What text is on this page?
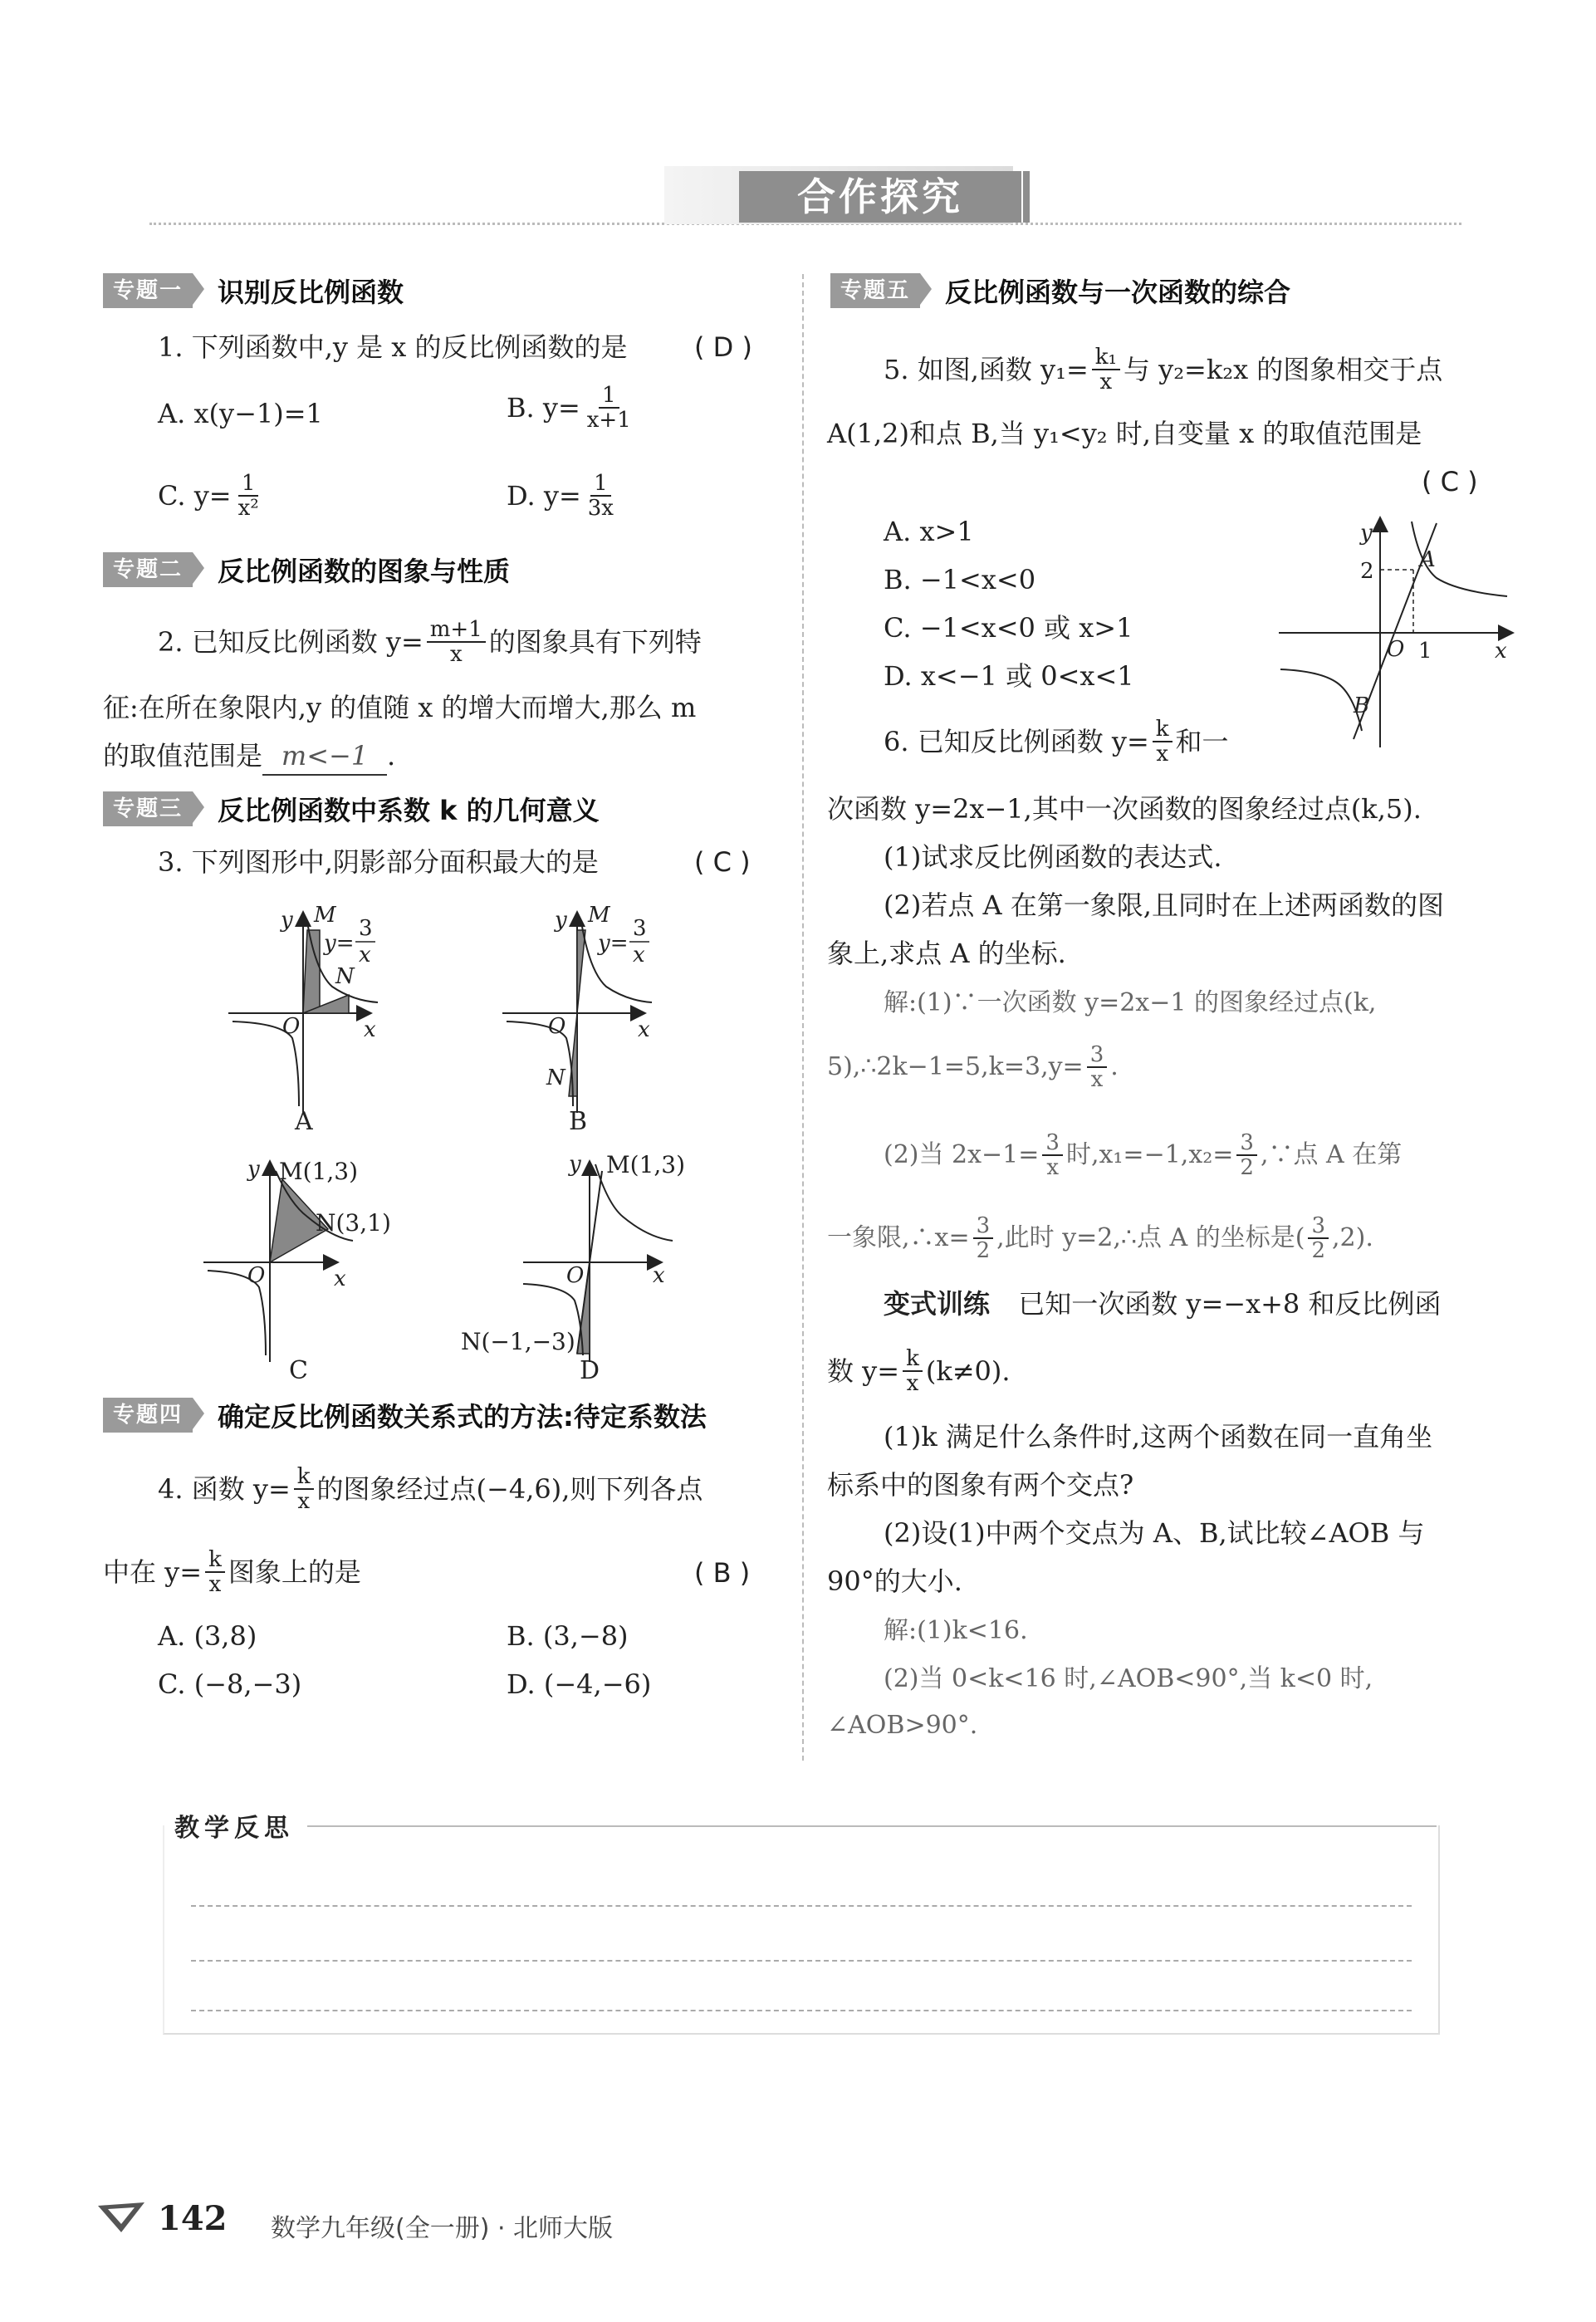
合作探究
专题一	识别反比例函数
1. 下列函数中,y 是 x 的反比例函数的是	( D )
A. x(y−1)=1	B. $y= \frac{1}{x+1}$
C. $y= \frac{1}{\text{x²}}$	D. $y= \frac{1}{3x}$
专题二	反比例函数的图象与性质
2. 已知反比例函数 $y= \frac{m+1}{x}$ 的图象具有下列特
征:在所在象限内,y 的值随 x 的增大而增大,那么 m
的取值范围是 m<−1 .
专题三	反比例函数中系数 k 的几何意义
3. 下列图形中,阴影部分面积最大的是	( C )
y M
y=
3
x
N
O	x
A
y M
y=
3
x
N
O	x
B
y M(1,3)
N(3,1)
O	x
C
y M(1,3)
O	x
N(−1,−3)
D
专题四	确定反比例函数关系式的方法:待定系数法
4. 函数 $y= \frac{k}{x}$ 的图象经过点(−4,6),则下列各点
中在 $y= \frac{k}{x}$ 图象上的是	( B )
A. (3,8)	B. (3,−8)
C. (−8,−3)	D. (−4,−6)
专题五	反比例函数与一次函数的综合
5. 如图,函数 $y_1= \frac{\text{k₁}}{x}$ 与 y₂=k₂x 的图象相交于点
A(1,2)和点 B,当 y₁<y₂ 时,自变量 x 的取值范围是
( C )
A. x>1
B. −1<x<0
C. −1<x<0 或 x>1
D. x<−1 或 0<x<1
y
2 A
O 1	x
B
6. 已知反比例函数 $y= \frac{k}{x}$ 和一
次函数 y=2x−1,其中一次函数的图象经过点(k,5).
(1)试求反比例函数的表达式.
(2)若点 A 在第一象限,且同时在上述两函数的图
象上,求点 A 的坐标.
解:(1)∵一次函数 y=2x−1 的图象经过点(k,
5),∴2k−1=5,k=3,y= $\frac{3}{x}$ .
(2)当 $2x-1= \frac{3}{x}$ 时$,x_1=-1,x_2= \frac{3}{2}$ ,∵点 A 在第
一象限,∴x= $\frac{3}{2}$ ,此时 y=2,∴点 A 的坐标是( $\frac{3}{2} ,2$).
变式训练 已知一次函数 y=−x+8 和反比例函
数 $y= \frac{k}{x} (k\ne 0)$.
(1)k 满足什么条件时,这两个函数在同一直角坐
标系中的图象有两个交点?
(2)设(1)中两个交点为 A、B,试比较∠AOB 与
90°的大小.
解:(1)k<16.
(2)当 0<k<16 时,∠AOB<90°,当 k<0 时,
∠AOB>90°.
教学反思
142 数学九年级(全一册) · 北师大版
